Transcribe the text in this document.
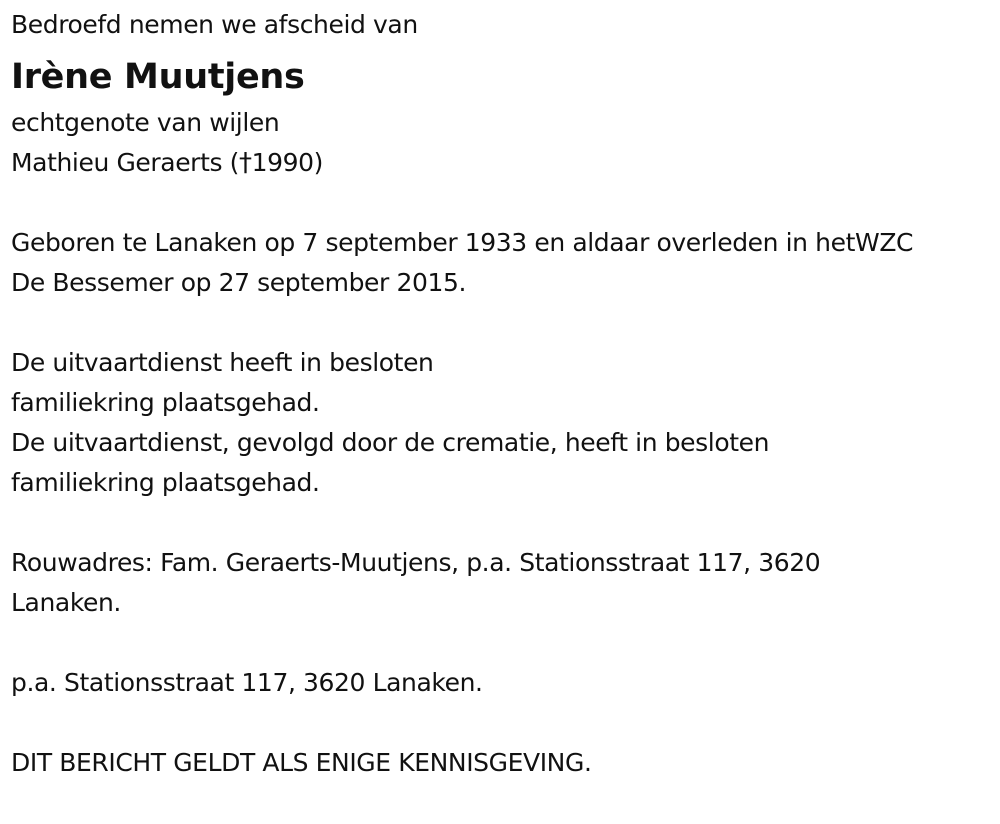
Bedroefd nemen we afscheid van
Irène Muutjens
echtgenote van wijlen
Mathieu Geraerts (†1990)
Geboren te Lanaken op 7 september 1933 en aldaar overleden in hetWZC
De Bessemer op 27 september 2015.
De uitvaartdienst heeft in besloten
familiekring plaatsgehad.
De uitvaartdienst, gevolgd door de crematie, heeft in besloten
familiekring plaatsgehad.
Rouwadres: Fam. Geraerts-Muutjens, p.a. Stationsstraat 117, 3620
Lanaken.
p.a. Stationsstraat 117, 3620 Lanaken.
DIT BERICHT GELDT ALS ENIGE KENNISGEVING.
